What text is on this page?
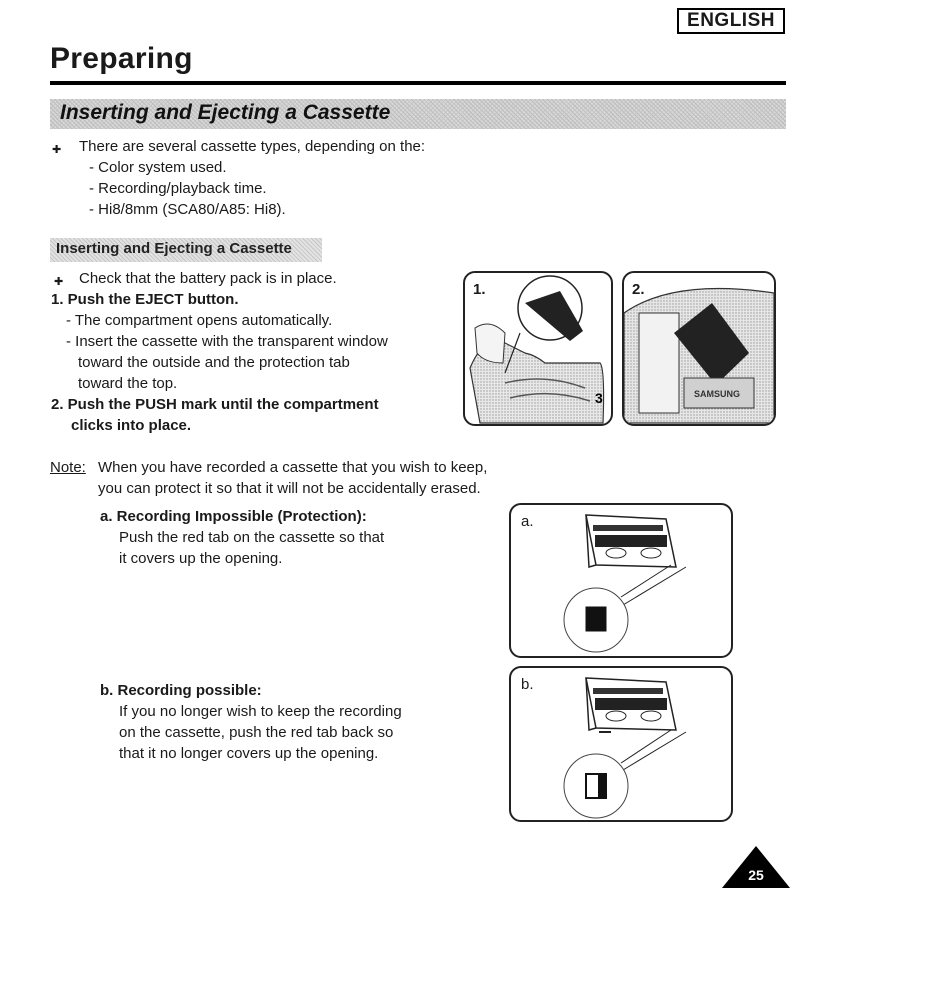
ENGLISH
Preparing
Inserting and Ejecting a Cassette
✚ There are several cassette types, depending on the:
- Color system used.
- Recording/playback time.
- Hi8/8mm (SCA80/A85: Hi8).
Inserting and Ejecting a Cassette
✚ Check that the battery pack is in place.
1. Push the EJECT button.
- The compartment opens automatically.
- Insert the cassette with the transparent window
toward the outside and the protection tab
toward the top.
2. Push the PUSH mark until the compartment
clicks into place.
1.
3
2.
SAMSUNG
Note: When you have recorded a cassette that you wish to keep,
you can protect it so that it will not be accidentally erased.
a. Recording Impossible (Protection):
Push the red tab on the cassette so that
it covers up the opening.
b. Recording possible:
If you no longer wish to keep the recording
on the cassette, push the red tab back so
that it no longer covers up the opening.
a.
b.
25
